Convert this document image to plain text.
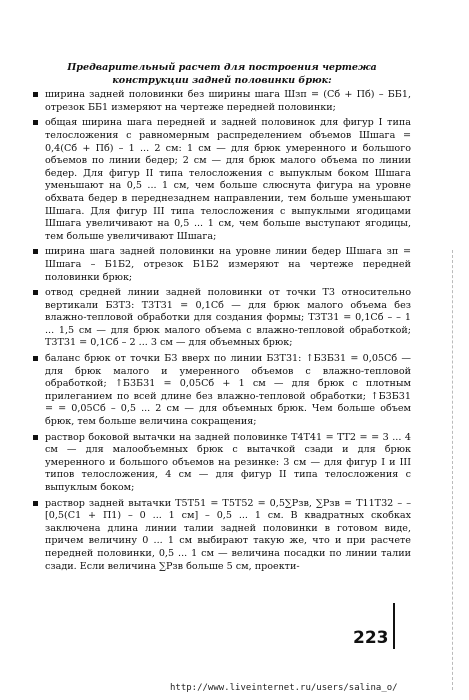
Предварительный расчет для построения чертежа конструкции задней половинки брюк:
ширина задней половинки без ширины шага Шзп = (Сб + Пб) – ББ1, отрезок ББ1 измеряют на чертеже передней половинки;
общая ширина шага передней и задней половинок для фигур I типа телосложения с равномерным распределением объемов Шшага = 0,4(Сб + Пб) – 1 ... 2 см: 1 см — для брюк умеренного и большого объемов по линии бедер; 2 см — для брюк малого объема по линии бедер. Для фигур II типа телосложения с выпуклым боком Шшага уменьшают на 0,5 ... 1 см, чем больше слюснута фигура на уровне обхвата бедер в переднезаднем направлении, тем больше уменьшают Шшага. Для фигур III типа телосложения с выпуклыми ягодицами Шшага увеличивают на 0,5 ... 1 см, чем больше выступают ягодицы, тем больше увеличивают Шшага;
ширина шага задней половинки на уровне линии бедер Шшага зп = Шшага – Б1Б2, отрезок Б1Б2 измеряют на чертеже передней половинки брюк;
отвод средней линии задней половинки от точки Т3 относительно вертикали Б3Т3: Т3Т31 = 0,1Сб — для брюк малого объема без влажно-тепловой обработки для создания формы; Т3Т31 = 0,1Сб – – 1 ... 1,5 см — для брюк малого объема с влажно-тепловой обработкой; Т3Т31 = 0,1Сб – 2 ... 3 см — для объемных брюк;
баланс брюк от точки Б3 вверх по линии Б3Т31: ↑Б3Б31 = 0,05Сб — для брюк малого и умеренного объемов с влажно-тепловой обработкой; ↑Б3Б31 = 0,05Сб + 1 см — для брюк с плотным прилеганием по всей длине без влажно-тепловой обработки; ↑Б3Б31 = = 0,05Сб – 0,5 ... 2 см — для объемных брюк. Чем больше объем брюк, тем больше величина сокращения;
раствор боковой вытачки на задней половинке Т4Т41 = ТТ2 = = 3 ... 4 см — для малообъемных брюк с вытачкой сзади и для брюк умеренного и большого объемов на резинке: 3 см — для фигур I и III типов телосложения, 4 см — для фигур II типа телосложения с выпуклым боком;
раствор задней вытачки Т5Т51 = Т5Т52 = 0,5∑Рзв, ∑Рзв = Т11Т32 – – [0,5(С1 + П1) – 0 ... 1 см] – 0,5 ... 1 см. В квадратных скобках заключена длина линии талии задней половинки в готовом виде, причем величину 0 ... 1 см выбирают такую же, что и при расчете передней половинки, 0,5 ... 1 см — величина посадки по линии талии сзади. Если величина ∑Рзв больше 5 см, проекти-
223
http://www.liveinternet.ru/users/salina_o/
